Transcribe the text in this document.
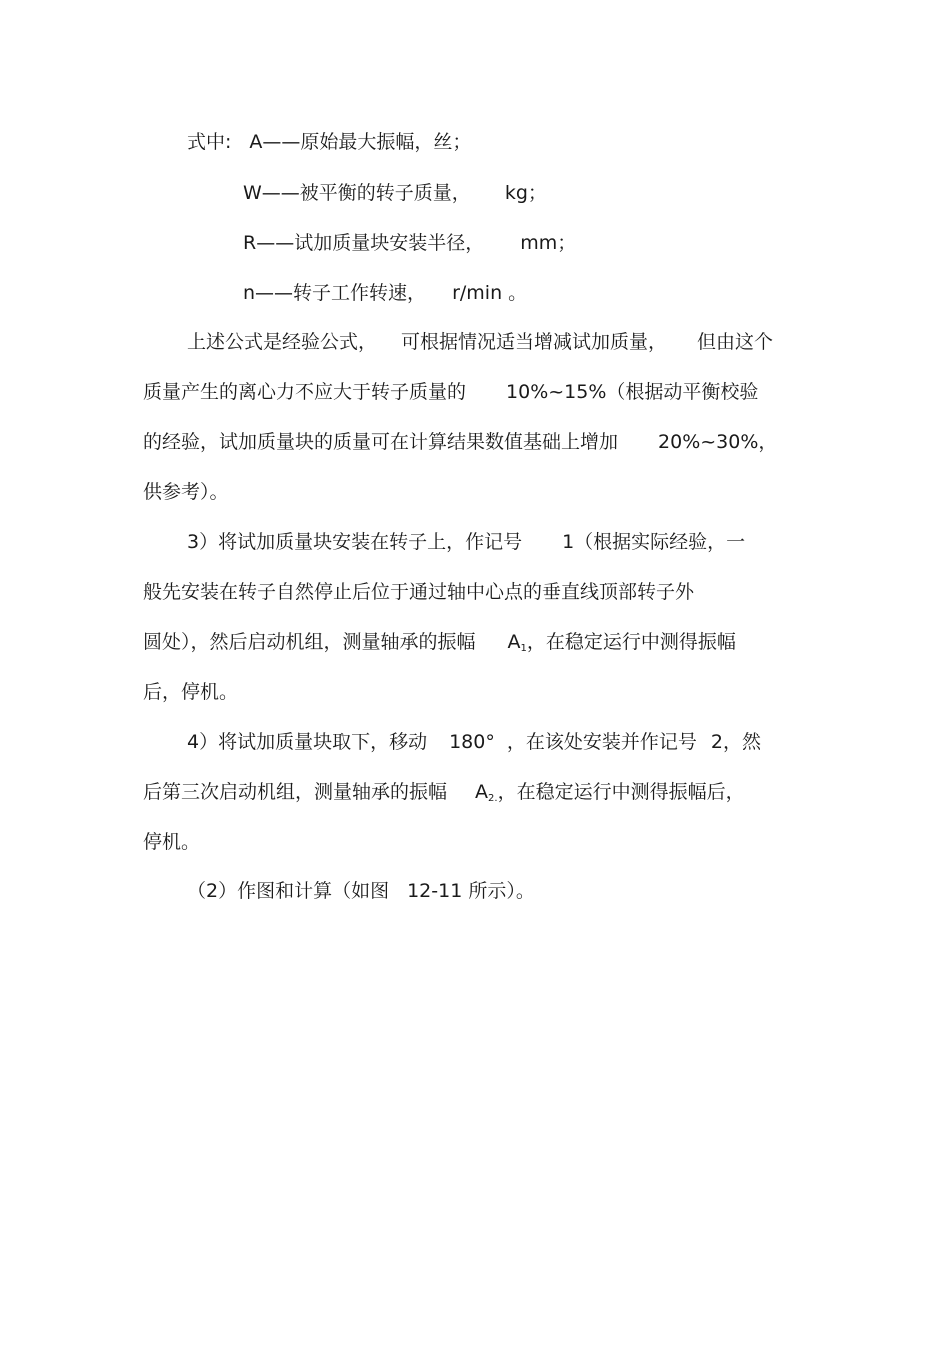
式中: A——原始最大振幅，丝；
W——被平衡的转子质量， kg；
R——试加质量块安装半径， mm；
n——转子工作转速， r/min 。
上述公式是经验公式， 可根据情况适当增减试加质量， 但由这个
质量产生的离心力不应大于转子质量的 10%~15%（根据动平衡校验
的经验，试加质量块的质量可在计算结果数值基础上增加 20%~30%，
供参考）。
3）将试加质量块安装在转子上，作记号 1（根据实际经验，一
般先安装在转子自然停止后位于通过轴中心点的垂直线顶部转子外
圆处），然后启动机组，测量轴承的振幅 $A_1$，在稳定运行中测得振幅
后，停机。
4）将试加质量块取下，移动 180° ，在该处安装并作记号 2，然
后第三次启动机组，测量轴承的振幅 $A_{2.}$，在稳定运行中测得振幅后，
停机。
（2）作图和计算（如图 12-11 所示）。
